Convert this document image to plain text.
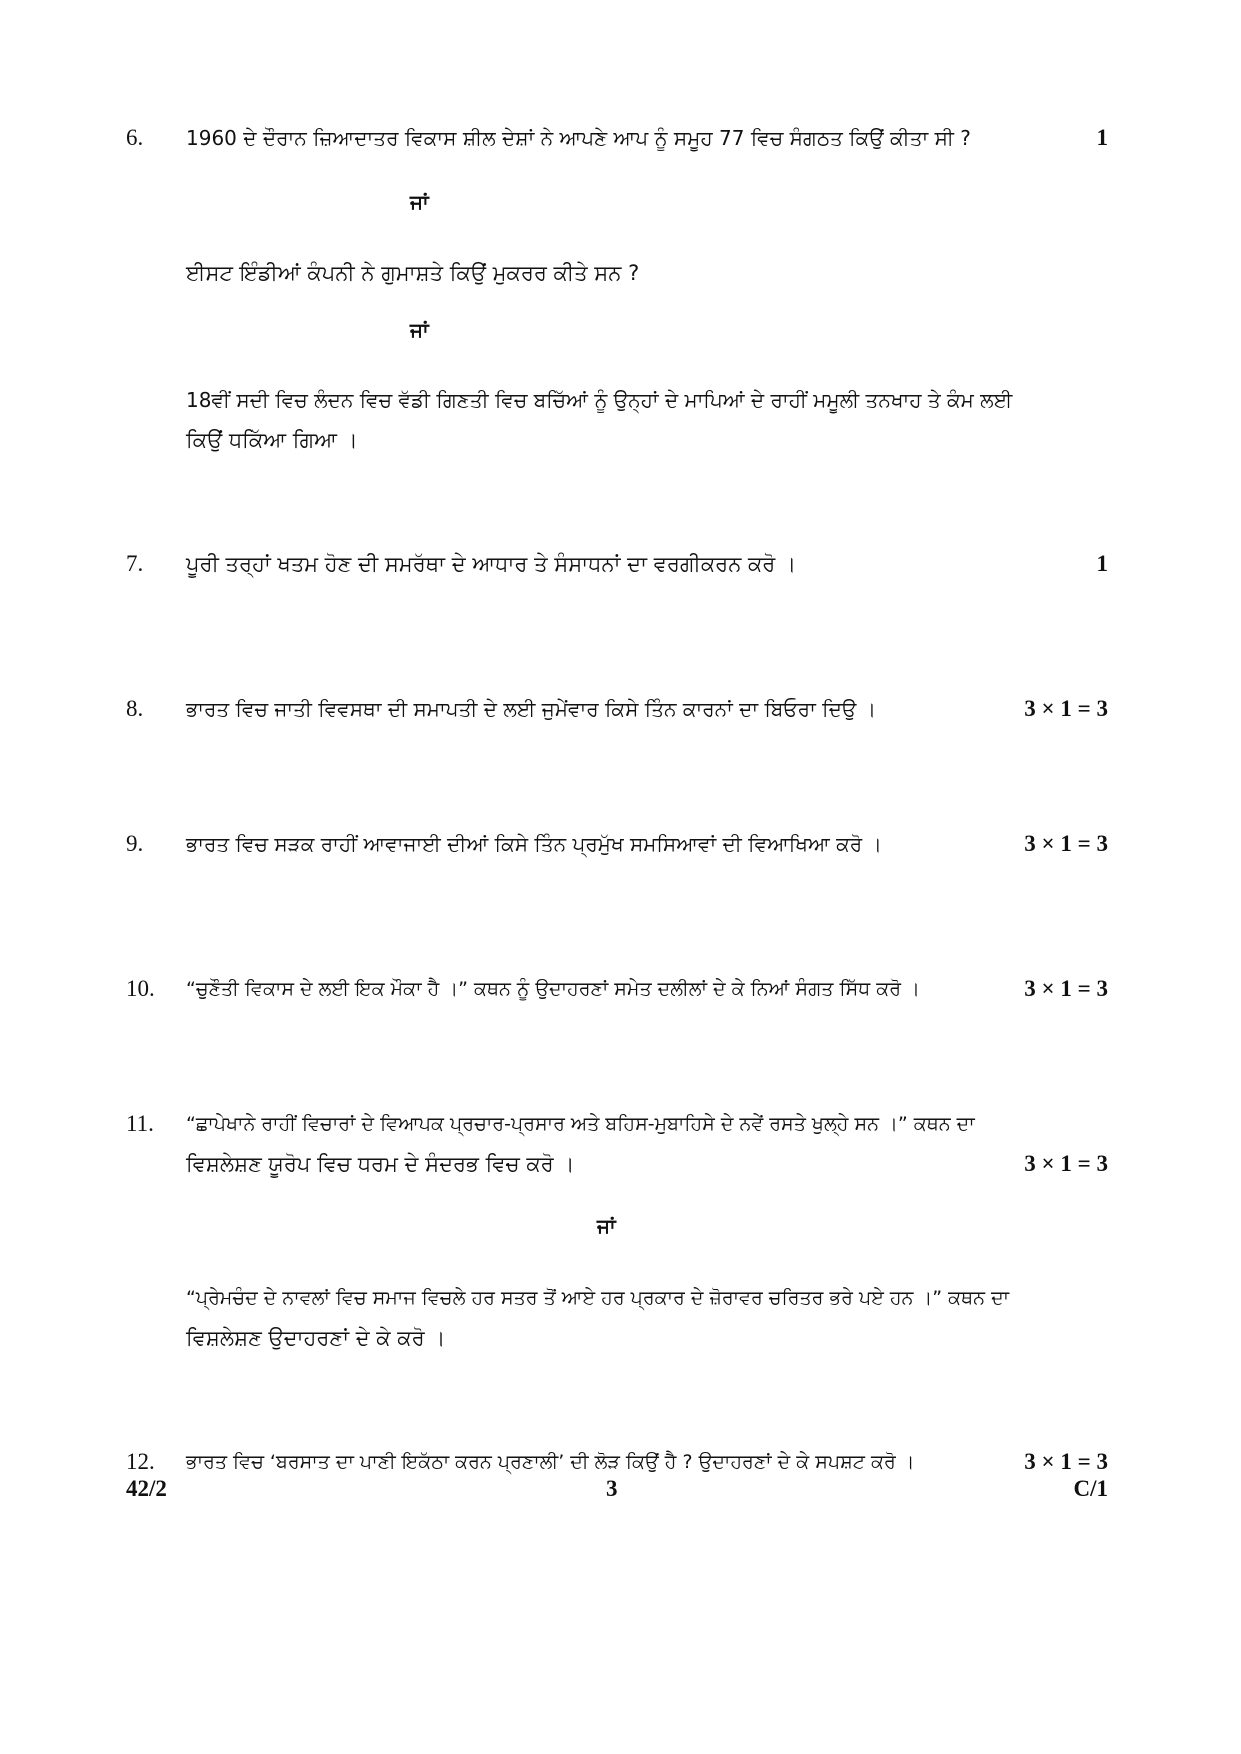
6. 1960 ਦੇ ਦੌਰਾਨ ਜ਼ਿਆਦਾਤਰ ਵਿਕਾਸ ਸ਼ੀਲ ਦੇਸ਼ਾਂ ਨੇ ਆਪਣੇ ਆਪ ਨੂੰ ਸਮੂਹ 77 ਵਿਚ ਸੰਗਠਤ ਕਿਉਂ ਕੀਤਾ ਸੀ ?	1
ਜਾਂ
ਈਸਟ ਇੰਡੀਆਂ ਕੰਪਨੀ ਨੇ ਗੁਮਾਸ਼ਤੇ ਕਿਉਂ ਮੁਕਰਰ ਕੀਤੇ ਸਨ ?
ਜਾਂ
18ਵੀਂ ਸਦੀ ਵਿਚ ਲੰਦਨ ਵਿਚ ਵੱਡੀ ਗਿਣਤੀ ਵਿਚ ਬਚਿੱਆਂ ਨੂੰ ਉਨ੍ਹਾਂ ਦੇ ਮਾਪਿਆਂ ਦੇ ਰਾਹੀਂ ਮਮੂਲੀ ਤਨਖਾਹ ਤੇ ਕੰਮ ਲਈ
ਕਿਉਂ ਧਕਿੱਆ ਗਿਆ ।
7. ਪੂਰੀ ਤਰ੍ਹਾਂ ਖਤਮ ਹੋਣ ਦੀ ਸਮਰੱਥਾ ਦੇ ਆਧਾਰ ਤੇ ਸੰਸਾਧਨਾਂ ਦਾ ਵਰਗੀਕਰਨ ਕਰੋ ।	1
8. ਭਾਰਤ ਵਿਚ ਜਾਤੀ ਵਿਵਸਥਾ ਦੀ ਸਮਾਪਤੀ ਦੇ ਲਈ ਜੁਮੇਂਵਾਰ ਕਿਸੇ ਤਿੰਨ ਕਾਰਨਾਂ ਦਾ ਬਿਓਰਾ ਦਿਉ ।	3 × 1 = 3
9. ਭਾਰਤ ਵਿਚ ਸੜਕ ਰਾਹੀਂ ਆਵਾਜਾਈ ਦੀਆਂ ਕਿਸੇ ਤਿੰਨ ਪ੍ਰਮੁੱਖ ਸਮਸਿਆਵਾਂ ਦੀ ਵਿਆਖਿਆ ਕਰੋ ।	3 × 1 = 3
10. “ਚੁਣੌਤੀ ਵਿਕਾਸ ਦੇ ਲਈ ਇਕ ਮੌਕਾ ਹੈ ।” ਕਥਨ ਨੂੰ ਉਦਾਹਰਣਾਂ ਸਮੇਤ ਦਲੀਲਾਂ ਦੇ ਕੇ ਨਿਆਂ ਸੰਗਤ ਸਿੱਧ ਕਰੋ ।	3 × 1 = 3
11. “ਛਾਪੇਖਾਨੇ ਰਾਹੀਂ ਵਿਚਾਰਾਂ ਦੇ ਵਿਆਪਕ ਪ੍ਰਚਾਰ-ਪ੍ਰਸਾਰ ਅਤੇ ਬਹਿਸ-ਮੁਬਾਹਿਸੇ ਦੇ ਨਵੇਂ ਰਸਤੇ ਖੁਲ੍ਹੇ ਸਨ ।” ਕਥਨ ਦਾ
ਵਿਸ਼ਲੇਸ਼ਣ ਯੂਰੋਪ ਵਿਚ ਧਰਮ ਦੇ ਸੰਦਰਭ ਵਿਚ ਕਰੋ ।	3 × 1 = 3
ਜਾਂ
“ਪ੍ਰੇਮਚੰਦ ਦੇ ਨਾਵਲਾਂ ਵਿਚ ਸਮਾਜ ਵਿਚਲੇ ਹਰ ਸਤਰ ਤੋਂ ਆਏ ਹਰ ਪ੍ਰਕਾਰ ਦੇ ਜ਼ੋਰਾਵਰ ਚਰਿਤਰ ਭਰੇ ਪਏ ਹਨ ।” ਕਥਨ ਦਾ
ਵਿਸ਼ਲੇਸ਼ਣ ਉਦਾਹਰਣਾਂ ਦੇ ਕੇ ਕਰੋ ।
12. ਭਾਰਤ ਵਿਚ ‘ਬਰਸਾਤ ਦਾ ਪਾਣੀ ਇਕੱਠਾ ਕਰਨ ਪ੍ਰਣਾਲੀ’ ਦੀ ਲੋੜ ਕਿਉਂ ਹੈ ? ਉਦਾਹਰਣਾਂ ਦੇ ਕੇ ਸਪਸ਼ਟ ਕਰੋ ।	3 × 1 = 3
42/2	3	C/1
